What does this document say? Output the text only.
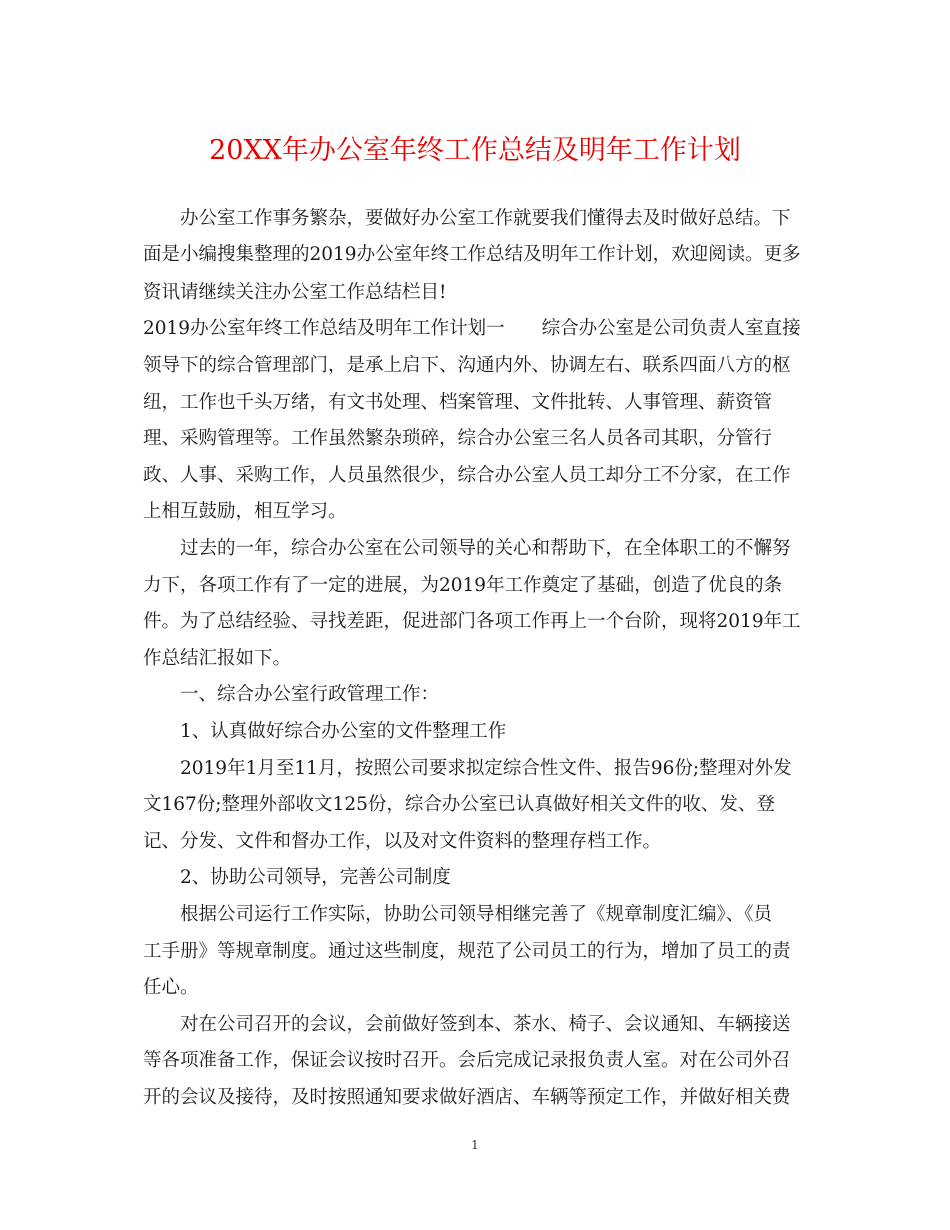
20XX年办公室年终工作总结及明年工作计划
　　办公室工作事务繁杂，要做好办公室工作就要我们懂得去及时做好总结。下
面是小编搜集整理的2019办公室年终工作总结及明年工作计划，欢迎阅读。更多
资讯请继续关注办公室工作总结栏目!
2019办公室年终工作总结及明年工作计划一　　综合办公室是公司负责人室直接
领导下的综合管理部门，是承上启下、沟通内外、协调左右、联系四面八方的枢
纽，工作也千头万绪，有文书处理、档案管理、文件批转、人事管理、薪资管
理、采购管理等。工作虽然繁杂琐碎，综合办公室三名人员各司其职，分管行
政、人事、采购工作，人员虽然很少，综合办公室人员工却分工不分家，在工作
上相互鼓励，相互学习。
　　过去的一年，综合办公室在公司领导的关心和帮助下，在全体职工的不懈努
力下，各项工作有了一定的进展，为2019年工作奠定了基础，创造了优良的条
件。为了总结经验、寻找差距，促进部门各项工作再上一个台阶，现将2019年工
作总结汇报如下。
　　一、综合办公室行政管理工作：
　　1、认真做好综合办公室的文件整理工作
　　2019年1月至11月，按照公司要求拟定综合性文件、报告96份;整理对外发
文167份;整理外部收文125份，综合办公室已认真做好相关文件的收、发、登
记、分发、文件和督办工作，以及对文件资料的整理存档工作。
　　2、协助公司领导，完善公司制度
　　根据公司运行工作实际，协助公司领导相继完善了《规章制度汇编》、《员
工手册》等规章制度。通过这些制度，规范了公司员工的行为，增加了员工的责
任心。
　　对在公司召开的会议，会前做好签到本、茶水、椅子、会议通知、车辆接送
等各项准备工作，保证会议按时召开。会后完成记录报负责人室。对在公司外召
开的会议及接待，及时按照通知要求做好酒店、车辆等预定工作，并做好相关费
1
